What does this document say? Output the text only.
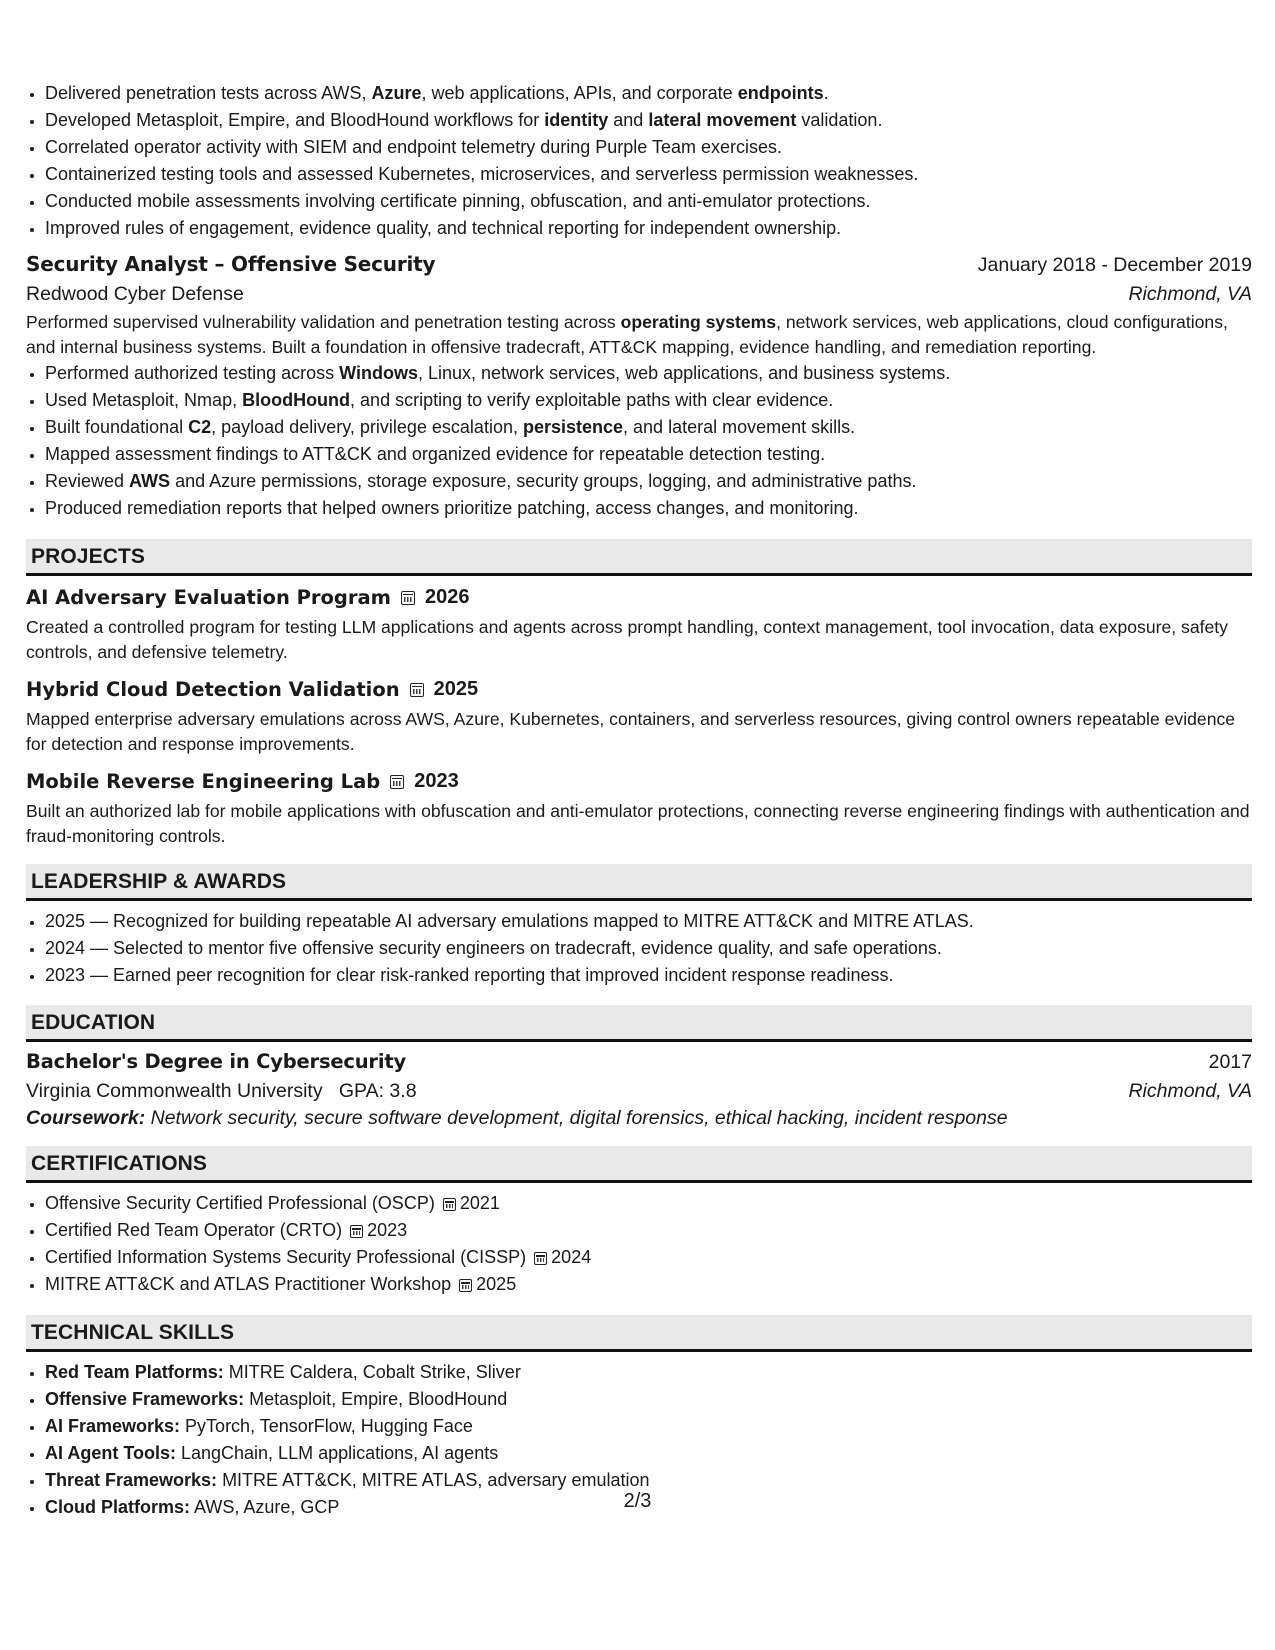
• Delivered penetration tests across AWS, Azure, web applications, APIs, and corporate endpoints.
• Developed Metasploit, Empire, and BloodHound workflows for identity and lateral movement validation.
• Correlated operator activity with SIEM and endpoint telemetry during Purple Team exercises.
• Containerized testing tools and assessed Kubernetes, microservices, and serverless permission weaknesses.
• Conducted mobile assessments involving certificate pinning, obfuscation, and anti-emulator protections.
• Improved rules of engagement, evidence quality, and technical reporting for independent ownership.
Security Analyst – Offensive Security	January 2018 - December 2019
Redwood Cyber Defense	Richmond, VA
Performed supervised vulnerability validation and penetration testing across operating systems, network services, web applications, cloud configurations, and internal business systems. Built a foundation in offensive tradecraft, ATT&CK mapping, evidence handling, and remediation reporting.
• Performed authorized testing across Windows, Linux, network services, web applications, and business systems.
• Used Metasploit, Nmap, BloodHound, and scripting to verify exploitable paths with clear evidence.
• Built foundational C2, payload delivery, privilege escalation, persistence, and lateral movement skills.
• Mapped assessment findings to ATT&CK and organized evidence for repeatable detection testing.
• Reviewed AWS and Azure permissions, storage exposure, security groups, logging, and administrative paths.
• Produced remediation reports that helped owners prioritize patching, access changes, and monitoring.
PROJECTS
AI Adversary Evaluation Program 2026
Created a controlled program for testing LLM applications and agents across prompt handling, context management, tool invocation, data exposure, safety controls, and defensive telemetry.
Hybrid Cloud Detection Validation 2025
Mapped enterprise adversary emulations across AWS, Azure, Kubernetes, containers, and serverless resources, giving control owners repeatable evidence for detection and response improvements.
Mobile Reverse Engineering Lab 2023
Built an authorized lab for mobile applications with obfuscation and anti-emulator protections, connecting reverse engineering findings with authentication and fraud-monitoring controls.
LEADERSHIP & AWARDS
• 2025 — Recognized for building repeatable AI adversary emulations mapped to MITRE ATT&CK and MITRE ATLAS.
• 2024 — Selected to mentor five offensive security engineers on tradecraft, evidence quality, and safe operations.
• 2023 — Earned peer recognition for clear risk-ranked reporting that improved incident response readiness.
EDUCATION
Bachelor's Degree in Cybersecurity	2017
Virginia Commonwealth University GPA: 3.8	Richmond, VA
Coursework: Network security, secure software development, digital forensics, ethical hacking, incident response
CERTIFICATIONS
• Offensive Security Certified Professional (OSCP) 2021
• Certified Red Team Operator (CRTO) 2023
• Certified Information Systems Security Professional (CISSP) 2024
• MITRE ATT&CK and ATLAS Practitioner Workshop 2025
TECHNICAL SKILLS
• Red Team Platforms: MITRE Caldera, Cobalt Strike, Sliver
• Offensive Frameworks: Metasploit, Empire, BloodHound
• AI Frameworks: PyTorch, TensorFlow, Hugging Face
• AI Agent Tools: LangChain, LLM applications, AI agents
• Threat Frameworks: MITRE ATT&CK, MITRE ATLAS, adversary emulation
• Cloud Platforms: AWS, Azure, GCP	2/3
